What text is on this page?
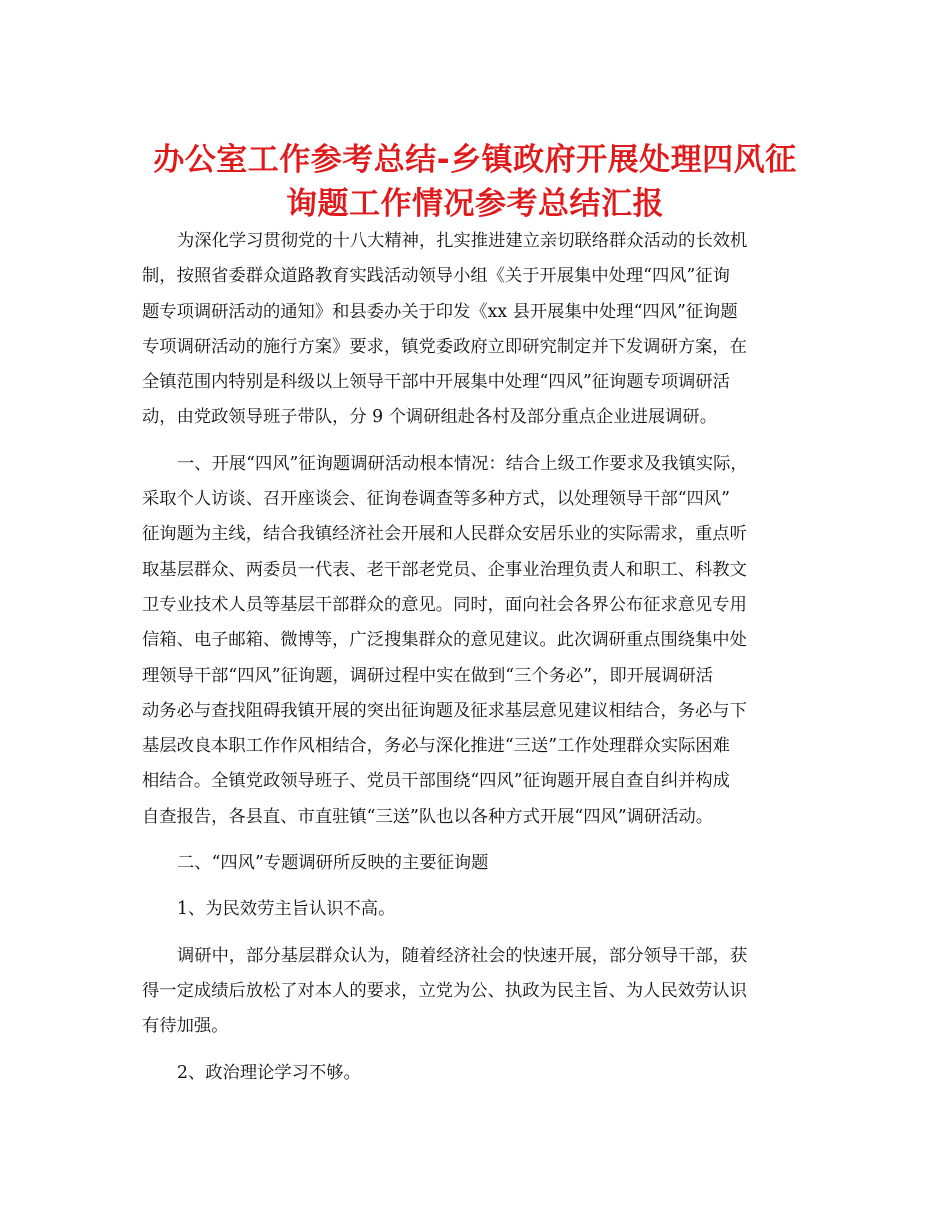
办公室工作参考总结-乡镇政府开展处理四风征
询题工作情况参考总结汇报

为深化学习贯彻党的十八大精神，扎实推进建立亲切联络群众活动的长效机
制，按照省委群众道路教育实践活动领导小组《关于开展集中处理“四风”征询
题专项调研活动的通知》和县委办关于印发《xx 县开展集中处理“四风”征询题
专项调研活动的施行方案》要求，镇党委政府立即研究制定并下发调研方案，在
全镇范围内特别是科级以上领导干部中开展集中处理“四风”征询题专项调研活
动，由党政领导班子带队，分 9 个调研组赴各村及部分重点企业进展调研。

一、开展“四风”征询题调研活动根本情况：结合上级工作要求及我镇实际，
采取个人访谈、召开座谈会、征询卷调查等多种方式，以处理领导干部“四风”
征询题为主线，结合我镇经济社会开展和人民群众安居乐业的实际需求，重点听
取基层群众、两委员一代表、老干部老党员、企事业治理负责人和职工、科教文
卫专业技术人员等基层干部群众的意见。同时，面向社会各界公布征求意见专用
信箱、电子邮箱、微博等，广泛搜集群众的意见建议。此次调研重点围绕集中处
理领导干部“四风”征询题，调研过程中实在做到“三个务必”，即开展调研活
动务必与查找阻碍我镇开展的突出征询题及征求基层意见建议相结合，务必与下
基层改良本职工作作风相结合，务必与深化推进“三送”工作处理群众实际困难
相结合。全镇党政领导班子、党员干部围绕“四风”征询题开展自查自纠并构成
自查报告，各县直、市直驻镇“三送”队也以各种方式开展“四风”调研活动。

二、“四风”专题调研所反映的主要征询题

1、为民效劳主旨认识不高。

调研中，部分基层群众认为，随着经济社会的快速开展，部分领导干部，获
得一定成绩后放松了对本人的要求，立党为公、执政为民主旨、为人民效劳认识
有待加强。

2、政治理论学习不够。
